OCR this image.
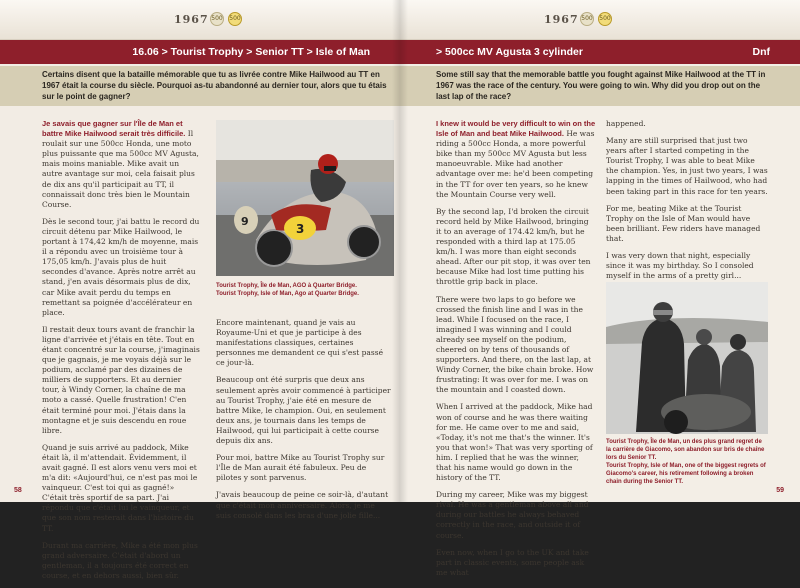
1967 500 500
16.06 > Tourist Trophy > Senior TT > Isle of Man
Certains disent que la bataille mémorable que tu as livrée contre Mike Hailwood au TT en 1967 était la course du siècle. Pourquoi as-tu abandonné au dernier tour, alors que tu étais sur le point de gagner?

Je savais que gagner sur l'Île de Man et battre Mike Hailwood serait très difficile. Il roulait sur une 500cc Honda, une moto plus puissante que ma 500cc MV Agusta, mais moins maniable. Mike avait un autre avantage sur moi, cela faisait plus de dix ans qu'il participait au TT, il connaissait donc très bien le Mountain Course.

Dès le second tour, j'ai battu le record du circuit détenu par Mike Hailwood, le portant à 174,42 km/h de moyenne, mais il a répondu avec un troisième tour à 175,05 km/h. J'avais plus de huit secondes d'avance. Après notre arrêt au stand, j'en avais désormais plus de dix, car Mike avait perdu du temps en remettant sa poignée d'accélérateur en place.

Il restait deux tours avant de franchir la ligne d'arrivée et j'étais en tête. Tout en étant concentré sur la course, j'imaginais que je gagnais, je me voyais déjà sur le podium, acclamé par des dizaines de milliers de supporters. Et au dernier tour, à Windy Corner, la chaîne de ma moto a cassé. Quelle frustration! C'en était terminé pour moi. J'étais dans la montagne et je suis descendu en roue libre.

Quand je suis arrivé au paddock, Mike était là, il m'attendait. Évidemment, il avait gagné. Il est alors venu vers moi et m'a dit: «Aujourd'hui, ce n'est pas moi le vainqueur. C'est toi qui as gagné!» C'était très sportif de sa part. J'ai répondu que c'était lui le vainqueur, et que son nom resterait dans l'histoire du TT.

Durant ma carrière, Mike a été mon plus grand adversaire. C'était d'abord un gentleman, il a toujours été correct en course, et en dehors aussi, bien sûr.

3
9
Tourist Trophy, Île de Man, AGO à Quarter Bridge.
Tourist Trophy, Isle of Man, Ago at Quarter Bridge.

Encore maintenant, quand je vais au Royaume-Uni et que je participe à des manifestations classiques, certaines personnes me demandent ce qui s'est passé ce jour-là.

Beaucoup ont été surpris que deux ans seulement après avoir commencé à participer au Tourist Trophy, j'aie été en mesure de battre Mike, le champion. Oui, en seulement deux ans, je tournais dans les temps de Hailwood, qui lui participait à cette course depuis dix ans.

Pour moi, battre Mike au Tourist Trophy sur l'Île de Man aurait été fabuleux. Peu de pilotes y sont parvenus.

J'avais beaucoup de peine ce soir-là, d'autant que c'était mon anniversaire. Alors, je me suis consolé dans les bras d'une jolie fille...

58
1967 500 500
> 500cc MV Agusta 3 cylinder	Dnf
Some still say that the memorable battle you fought against Mike Hailwood at the TT in 1967 was the race of the century. You were going to win. Why did you drop out on the last lap of the race?

I knew it would be very difficult to win on the Isle of Man and beat Mike Hailwood. He was riding a 500cc Honda, a more powerful bike than my 500cc MV Agusta but less manoeuvrable. Mike had another advantage over me: he'd been competing in the TT for over ten years, so he knew the Mountain Course very well.

By the second lap, I'd broken the circuit record held by Mike Hailwood, bringing it to an average of 174.42 km/h, but he responded with a third lap at 175.05 km/h. I was more than eight seconds ahead. After our pit stop, it was over ten because Mike had lost time putting his throttle grip back in place.

There were two laps to go before we crossed the finish line and I was in the lead. While I focused on the race, I imagined I was winning and I could already see myself on the podium, cheered on by tens of thousands of supporters. And there, on the last lap, at Windy Corner, the bike chain broke. How frustrating: It was over for me. I was on the mountain and I coasted down.

When I arrived at the paddock, Mike had won of course and he was there waiting for me. He came over to me and said, «Today, it's not me that's the winner. It's you that won!» That was very sporting of him. I replied that he was the winner, that his name would go down in the history of the TT.

During my career, Mike was my biggest rival. He was a gentleman above all and during our battles he always behaved correctly in the race, and outside it of course.

Even now, when I go to the UK and take part in classic events, some people ask me what

happened.

Many are still surprised that just two years after I started competing in the Tourist Trophy, I was able to beat Mike the champion. Yes, in just two years, I was lapping in the times of Hailwood, who had been taking part in this race for ten years.

For me, beating Mike at the Tourist Trophy on the Isle of Man would have been brilliant. Few riders have managed that.

I was very down that night, especially since it was my birthday. So I consoled myself in the arms of a pretty girl...

Tourist Trophy, Île de Man, un des plus grand regret de la carrière de Giacomo, son abandon sur bris de chaîne lors du Senior TT.
Tourist Trophy, Isle of Man, one of the biggest regrets of Giacomo's career, his retirement following a broken chain during the Senior TT.
59
